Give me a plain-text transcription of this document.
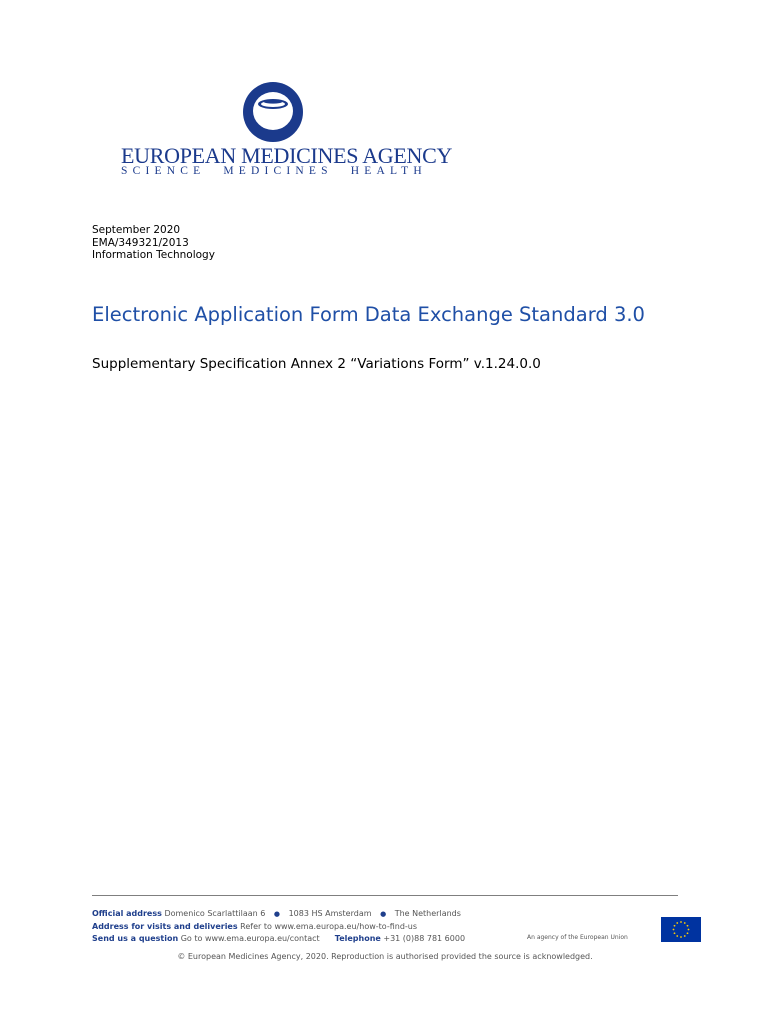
EUROPEAN MEDICINES AGENCY
SCIENCE MEDICINES HEALTH
September 2020
EMA/349321/2013
Information Technology
Electronic Application Form Data Exchange Standard 3.0
Supplementary Specification Annex 2 “Variations Form” v.1.24.0.0
Official address Domenico Scarlattilaan 6 ● 1083 HS Amsterdam ● The Netherlands
Address for visits and deliveries Refer to www.ema.europa.eu/how-to-find-us
Send us a question Go to www.ema.europa.eu/contact Telephone +31 (0)88 781 6000	An agency of the European Union
© European Medicines Agency, 2020. Reproduction is authorised provided the source is acknowledged.
